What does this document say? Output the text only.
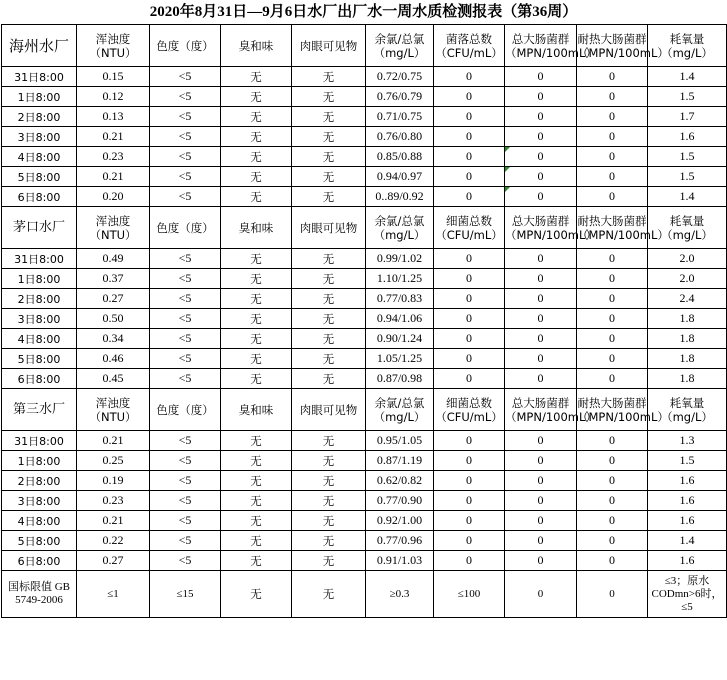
2020年8月31日—9月6日水厂出厂水一周水质检测报表（第36周）
海州水厂	浑浊度（NTU）	色度（度）	臭和味	肉眼可见物	余氯/总氯（mg/L）	菌落总数（CFU/mL）	总大肠菌群（MPN/100mL）	耐热大肠菌群（MPN/100mL）	耗氧量（mg/L）
31日8:00	0.15	<5	无	无	0.72/0.75	0	0	0	1.4
1日8:00	0.12	<5	无	无	0.76/0.79	0	0	0	1.5
2日8:00	0.13	<5	无	无	0.71/0.75	0	0	0	1.7
3日8:00	0.21	<5	无	无	0.76/0.80	0	0	0	1.6
4日8:00	0.23	<5	无	无	0.85/0.88	0	0	0	1.5
5日8:00	0.21	<5	无	无	0.94/0.97	0	0	0	1.5
6日8:00	0.20	<5	无	无	0..89/0.92	0	0	0	1.4
茅口水厂	浑浊度（NTU）	色度（度）	臭和味	肉眼可见物	余氯/总氯（mg/L）	细菌总数（CFU/mL）	总大肠菌群（MPN/100mL）	耐热大肠菌群（MPN/100mL）	耗氧量（mg/L）
31日8:00	0.49	<5	无	无	0.99/1.02	0	0	0	2.0
1日8:00	0.37	<5	无	无	1.10/1.25	0	0	0	2.0
2日8:00	0.27	<5	无	无	0.77/0.83	0	0	0	2.4
3日8:00	0.50	<5	无	无	0.94/1.06	0	0	0	1.8
4日8:00	0.34	<5	无	无	0.90/1.24	0	0	0	1.8
5日8:00	0.46	<5	无	无	1.05/1.25	0	0	0	1.8
6日8:00	0.45	<5	无	无	0.87/0.98	0	0	0	1.8
第三水厂	浑浊度（NTU）	色度（度）	臭和味	肉眼可见物	余氯/总氯（mg/L）	细菌总数（CFU/mL）	总大肠菌群（MPN/100mL）	耐热大肠菌群（MPN/100mL）	耗氧量（mg/L）
31日8:00	0.21	<5	无	无	0.95/1.05	0	0	0	1.3
1日8:00	0.25	<5	无	无	0.87/1.19	0	0	0	1.5
2日8:00	0.19	<5	无	无	0.62/0.82	0	0	0	1.6
3日8:00	0.23	<5	无	无	0.77/0.90	0	0	0	1.6
4日8:00	0.21	<5	无	无	0.92/1.00	0	0	0	1.6
5日8:00	0.22	<5	无	无	0.77/0.96	0	0	0	1.4
6日8:00	0.27	<5	无	无	0.91/1.03	0	0	0	1.6
国标限值 GB 5749-2006	≤1	≤15	无	无	≥0.3	≤100	0	0	≤3；原水CODmn>6时，≤5
